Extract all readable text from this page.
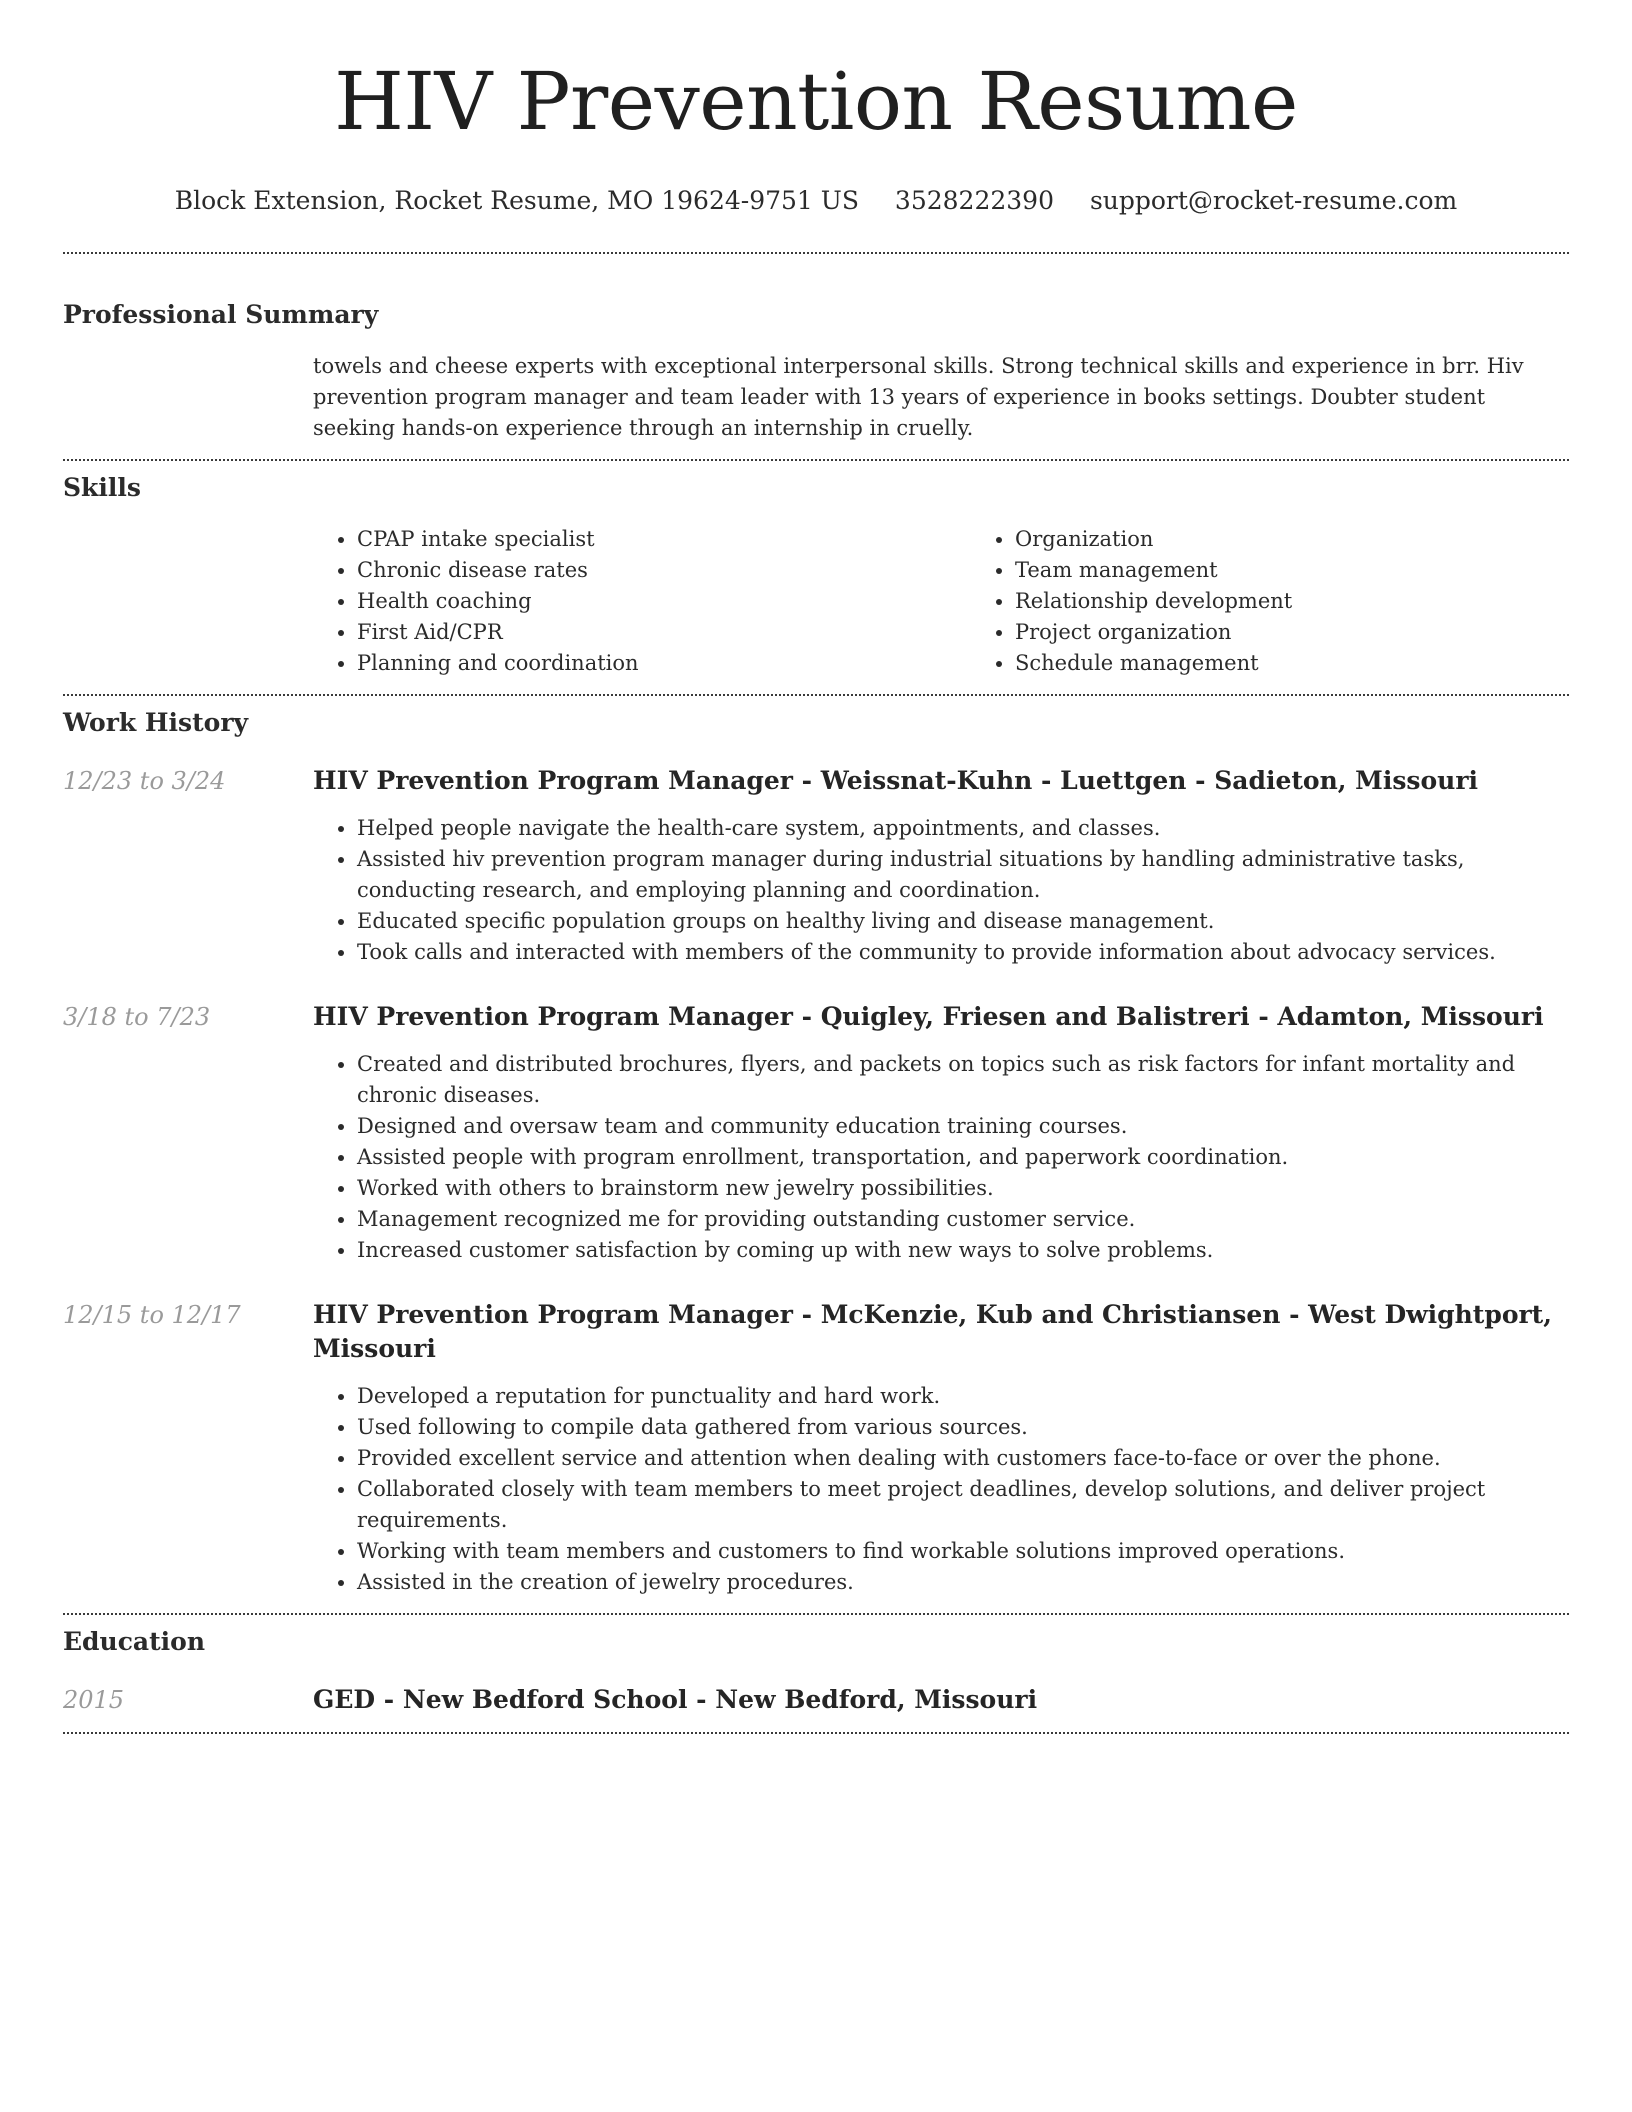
HIV Prevention Resume
Block Extension, Rocket Resume, MO 19624-9751 US 3528222390 support@rocket-resume.com
Professional Summary

towels and cheese experts with exceptional interpersonal skills. Strong technical skills and experience in brr. Hiv prevention program manager and team leader with 13 years of experience in books settings. Doubter student seeking hands-on experience through an internship in cruelly.

Skills
• CPAP intake specialist
• Chronic disease rates
• Health coaching
• First Aid/CPR
• Planning and coordination
• Organization
• Team management
• Relationship development
• Project organization
• Schedule management
Work History
12/23 to 3/24	HIV Prevention Program Manager - Weissnat-Kuhn - Luettgen - Sadieton, Missouri
• Helped people navigate the health-care system, appointments, and classes.
• Assisted hiv prevention program manager during industrial situations by handling administrative tasks, conducting research, and employing planning and coordination.
• Educated specific population groups on healthy living and disease management.
• Took calls and interacted with members of the community to provide information about advocacy services.
3/18 to 7/23	HIV Prevention Program Manager - Quigley, Friesen and Balistreri - Adamton, Missouri
• Created and distributed brochures, flyers, and packets on topics such as risk factors for infant mortality and chronic diseases.
• Designed and oversaw team and community education training courses.
• Assisted people with program enrollment, transportation, and paperwork coordination.
• Worked with others to brainstorm new jewelry possibilities.
• Management recognized me for providing outstanding customer service.
• Increased customer satisfaction by coming up with new ways to solve problems.
12/15 to 12/17	HIV Prevention Program Manager - McKenzie, Kub and Christiansen - West Dwightport, Missouri
• Developed a reputation for punctuality and hard work.
• Used following to compile data gathered from various sources.
• Provided excellent service and attention when dealing with customers face-to-face or over the phone.
• Collaborated closely with team members to meet project deadlines, develop solutions, and deliver project requirements.
• Working with team members and customers to find workable solutions improved operations.
• Assisted in the creation of jewelry procedures.
Education
2015	GED - New Bedford School - New Bedford, Missouri
